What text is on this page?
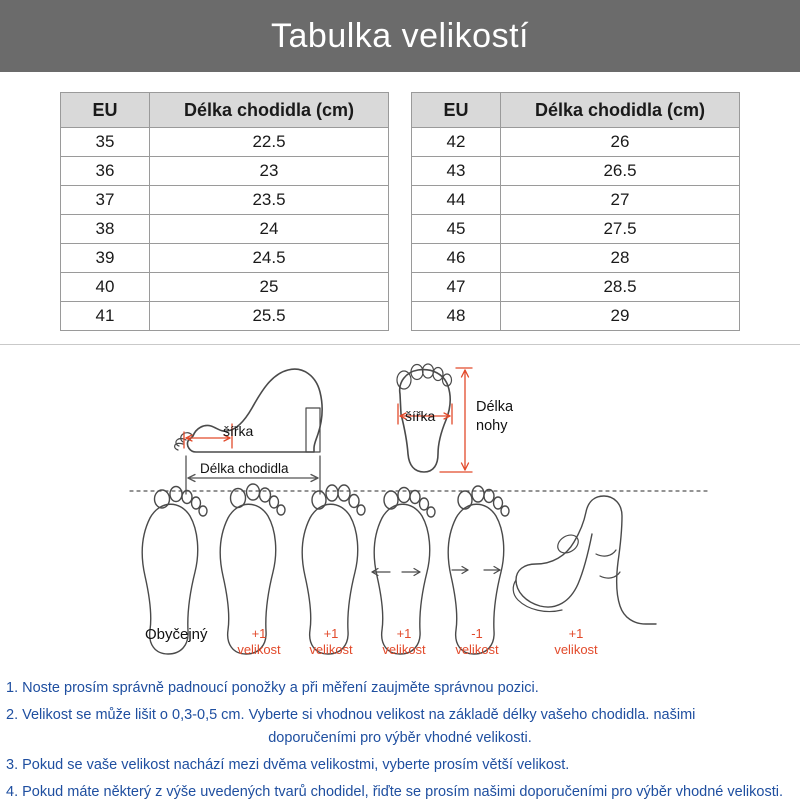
Tabulka velikostí
EU	Délka chodidla (cm)
35	22.5
36	23
37	23.5
38	24
39	24.5
40	25
41	25.5
EU	Délka chodidla (cm)
42	26
43	26.5
44	27
45	27.5
46	28
47	28.5
48	29
šířka
Délka chodidla
šířka
Délka
nohy
Obyčejný	+1
velikost
+1
velikost
+1
velikost
-1
velikost
+1
velikost

1. Noste prosím správně padnoucí ponožky a při měření zaujměte správnou pozici.

2. Velikost se může lišit o 0,3-0,5 cm. Vyberte si vhodnou velikost na základě délky vašeho chodidla. našimi

doporučeními pro výběr vhodné velikosti.

3. Pokud se vaše velikost nachází mezi dvěma velikostmi, vyberte prosím větší velikost.

4. Pokud máte některý z výše uvedených tvarů chodidel, řiďte se prosím našimi doporučeními pro výběr vhodné velikosti.
